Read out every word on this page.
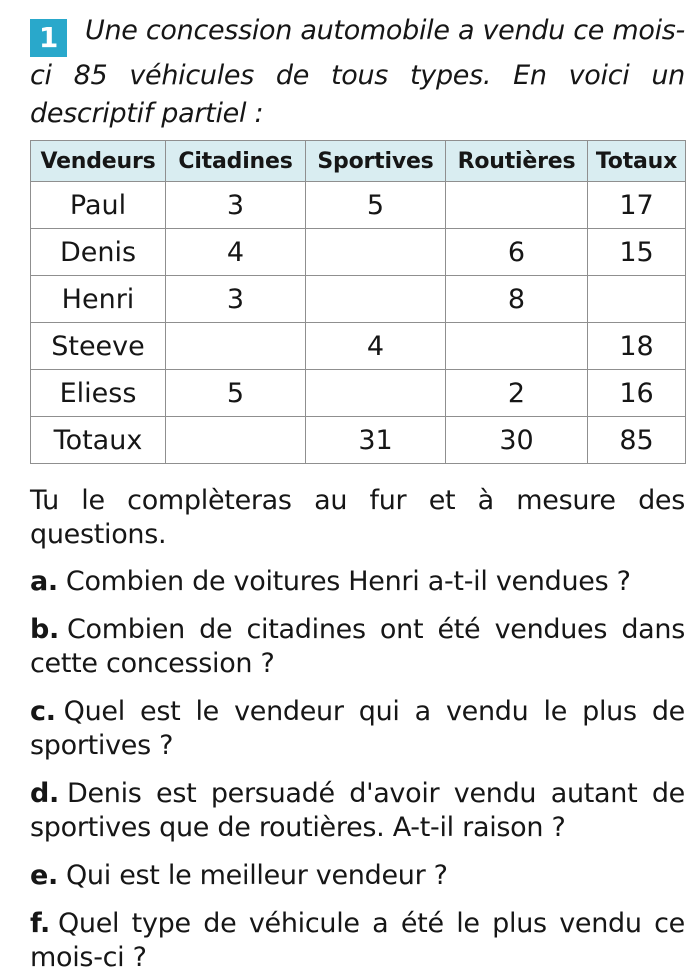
1 Une concession automobile a vendu ce mois-ci 85 véhicules de tous types. En voici un descriptif partiel :

Vendeurs	Citadines	Sportives	Routières	Totaux
Paul	3	5		17
Denis	4		6	15
Henri	3		8	
Steeve		4		18
Eliess	5		2	16
Totaux		31	30	85

Tu le complèteras au fur et à mesure des questions.

a. Combien de voitures Henri a-t-il vendues ?

b. Combien de citadines ont été vendues dans cette concession ?

c. Quel est le vendeur qui a vendu le plus de sportives ?

d. Denis est persuadé d'avoir vendu autant de sportives que de routières. A-t-il raison ?

e. Qui est le meilleur vendeur ?

f. Quel type de véhicule a été le plus vendu ce mois-ci ?
